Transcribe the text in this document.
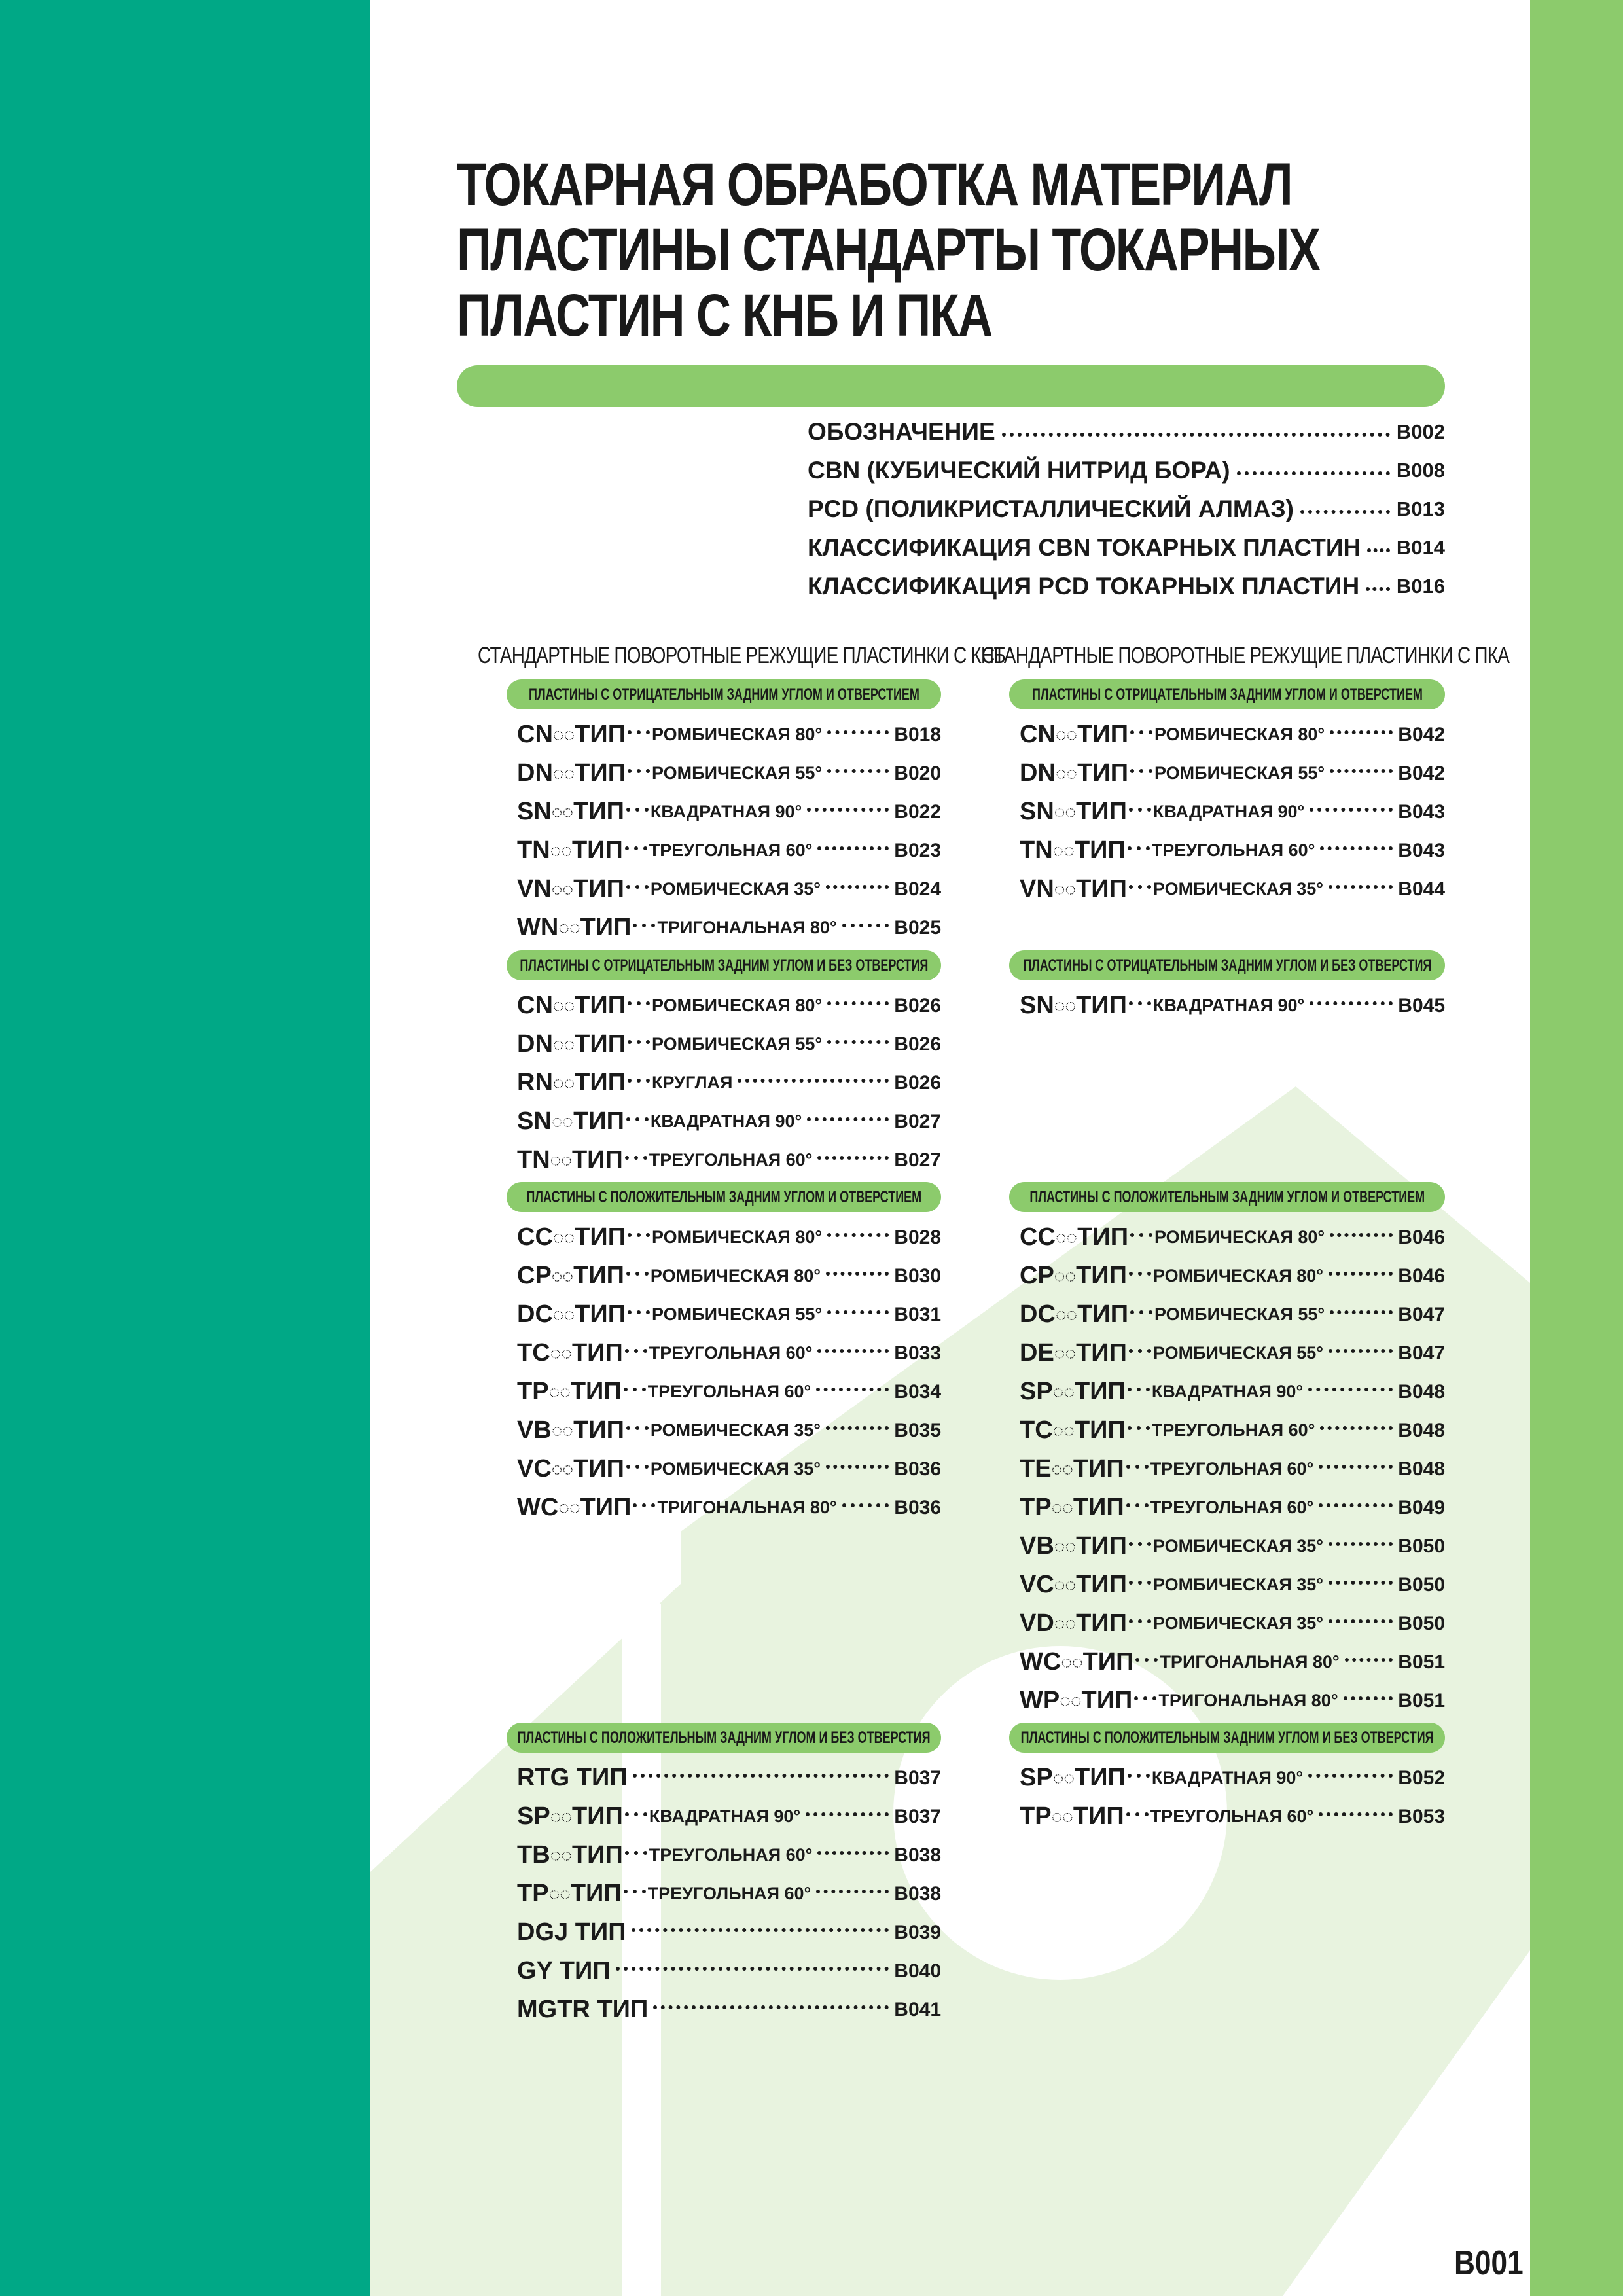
ТОКАРНАЯ ОБРАБОТКА МАТЕРИАЛ
ПЛАСТИНЫ СТАНДАРТЫ ТОКАРНЫХ
ПЛАСТИН С КНБ И ПКА
ОБОЗНАЧЕНИЕ	B002
CBN (КУБИЧЕСКИЙ НИТРИД БОРА)	B008
PCD (ПОЛИКРИСТАЛЛИЧЕСКИЙ АЛМАЗ)	B013
КЛАССИФИКАЦИЯ CBN ТОКАРНЫХ ПЛАСТИН B014
КЛАССИФИКАЦИЯ PCD ТОКАРНЫХ ПЛАСТИН B016
СТАНДАРТНЫЕ ПОВОРОТНЫЕ РЕЖУЩИЕ ПЛАСТИНКИ С КНБ
СТАНДАРТНЫЕ ПОВОРОТНЫЕ РЕЖУЩИЕ ПЛАСТИНКИ С ПКА
ПЛАСТИНЫ С ОТРИЦАТЕЛЬНЫМ ЗАДНИМ УГЛОМ И ОТВЕРСТИЕМ
CN ◌◌ ТИП РОМБИЧЕСКАЯ 80°	B018
DN ◌◌ ТИП РОМБИЧЕСКАЯ 55°	B020
SN ◌◌ ТИП КВАДРАТНАЯ 90°	B022
TN ◌◌ ТИП ТРЕУГОЛЬНАЯ 60°	B023
VN ◌◌ ТИП РОМБИЧЕСКАЯ 35°	B024
WN ◌◌ ТИП ТРИГОНАЛЬНАЯ 80°	B025
ПЛАСТИНЫ С ОТРИЦАТЕЛЬНЫМ ЗАДНИМ УГЛОМ И БЕЗ ОТВЕРСТИЯ
CN ◌◌ ТИП РОМБИЧЕСКАЯ 80°	B026
DN ◌◌ ТИП РОМБИЧЕСКАЯ 55°	B026
RN ◌◌ ТИП КРУГЛАЯ	B026
SN ◌◌ ТИП КВАДРАТНАЯ 90°	B027
TN ◌◌ ТИП ТРЕУГОЛЬНАЯ 60°	B027
ПЛАСТИНЫ С ПОЛОЖИТЕЛЬНЫМ ЗАДНИМ УГЛОМ И ОТВЕРСТИЕМ
CC ◌◌ ТИП РОМБИЧЕСКАЯ 80°	B028
CP ◌◌ ТИП РОМБИЧЕСКАЯ 80°	B030
DC ◌◌ ТИП РОМБИЧЕСКАЯ 55°	B031
TC ◌◌ ТИП ТРЕУГОЛЬНАЯ 60°	B033
TP ◌◌ ТИП ТРЕУГОЛЬНАЯ 60°	B034
VB ◌◌ ТИП РОМБИЧЕСКАЯ 35°	B035
VC ◌◌ ТИП РОМБИЧЕСКАЯ 35°	B036
WC ◌◌ ТИП ТРИГОНАЛЬНАЯ 80°	B036
ПЛАСТИНЫ С ПОЛОЖИТЕЛЬНЫМ ЗАДНИМ УГЛОМ И БЕЗ ОТВЕРСТИЯ
RTG ТИП	B037
SP ◌◌ ТИП КВАДРАТНАЯ 90°	B037
TB ◌◌ ТИП ТРЕУГОЛЬНАЯ 60°	B038
TP ◌◌ ТИП ТРЕУГОЛЬНАЯ 60°	B038
DGJ ТИП	B039
GY ТИП	B040
MGTR ТИП	B041
ПЛАСТИНЫ С ОТРИЦАТЕЛЬНЫМ ЗАДНИМ УГЛОМ И ОТВЕРСТИЕМ
CN ◌◌ ТИП РОМБИЧЕСКАЯ 80°	B042
DN ◌◌ ТИП РОМБИЧЕСКАЯ 55°	B042
SN ◌◌ ТИП КВАДРАТНАЯ 90°	B043
TN ◌◌ ТИП ТРЕУГОЛЬНАЯ 60°	B043
VN ◌◌ ТИП РОМБИЧЕСКАЯ 35°	B044
ПЛАСТИНЫ С ОТРИЦАТЕЛЬНЫМ ЗАДНИМ УГЛОМ И БЕЗ ОТВЕРСТИЯ
SN ◌◌ ТИП КВАДРАТНАЯ 90°	B045
ПЛАСТИНЫ С ПОЛОЖИТЕЛЬНЫМ ЗАДНИМ УГЛОМ И ОТВЕРСТИЕМ
CC ◌◌ ТИП РОМБИЧЕСКАЯ 80°	B046
CP ◌◌ ТИП РОМБИЧЕСКАЯ 80°	B046
DC ◌◌ ТИП РОМБИЧЕСКАЯ 55°	B047
DE ◌◌ ТИП РОМБИЧЕСКАЯ 55°	B047
SP ◌◌ ТИП КВАДРАТНАЯ 90°	B048
TC ◌◌ ТИП ТРЕУГОЛЬНАЯ 60°	B048
TE ◌◌ ТИП ТРЕУГОЛЬНАЯ 60°	B048
TP ◌◌ ТИП ТРЕУГОЛЬНАЯ 60°	B049
VB ◌◌ ТИП РОМБИЧЕСКАЯ 35°	B050
VC ◌◌ ТИП РОМБИЧЕСКАЯ 35°	B050
VD ◌◌ ТИП РОМБИЧЕСКАЯ 35°	B050
WC ◌◌ ТИП ТРИГОНАЛЬНАЯ 80°	B051
WP ◌◌ ТИП ТРИГОНАЛЬНАЯ 80°	B051
ПЛАСТИНЫ С ПОЛОЖИТЕЛЬНЫМ ЗАДНИМ УГЛОМ И БЕЗ ОТВЕРСТИЯ
SP ◌◌ ТИП КВАДРАТНАЯ 90°	B052
TP ◌◌ ТИП ТРЕУГОЛЬНАЯ 60°	B053
B001
